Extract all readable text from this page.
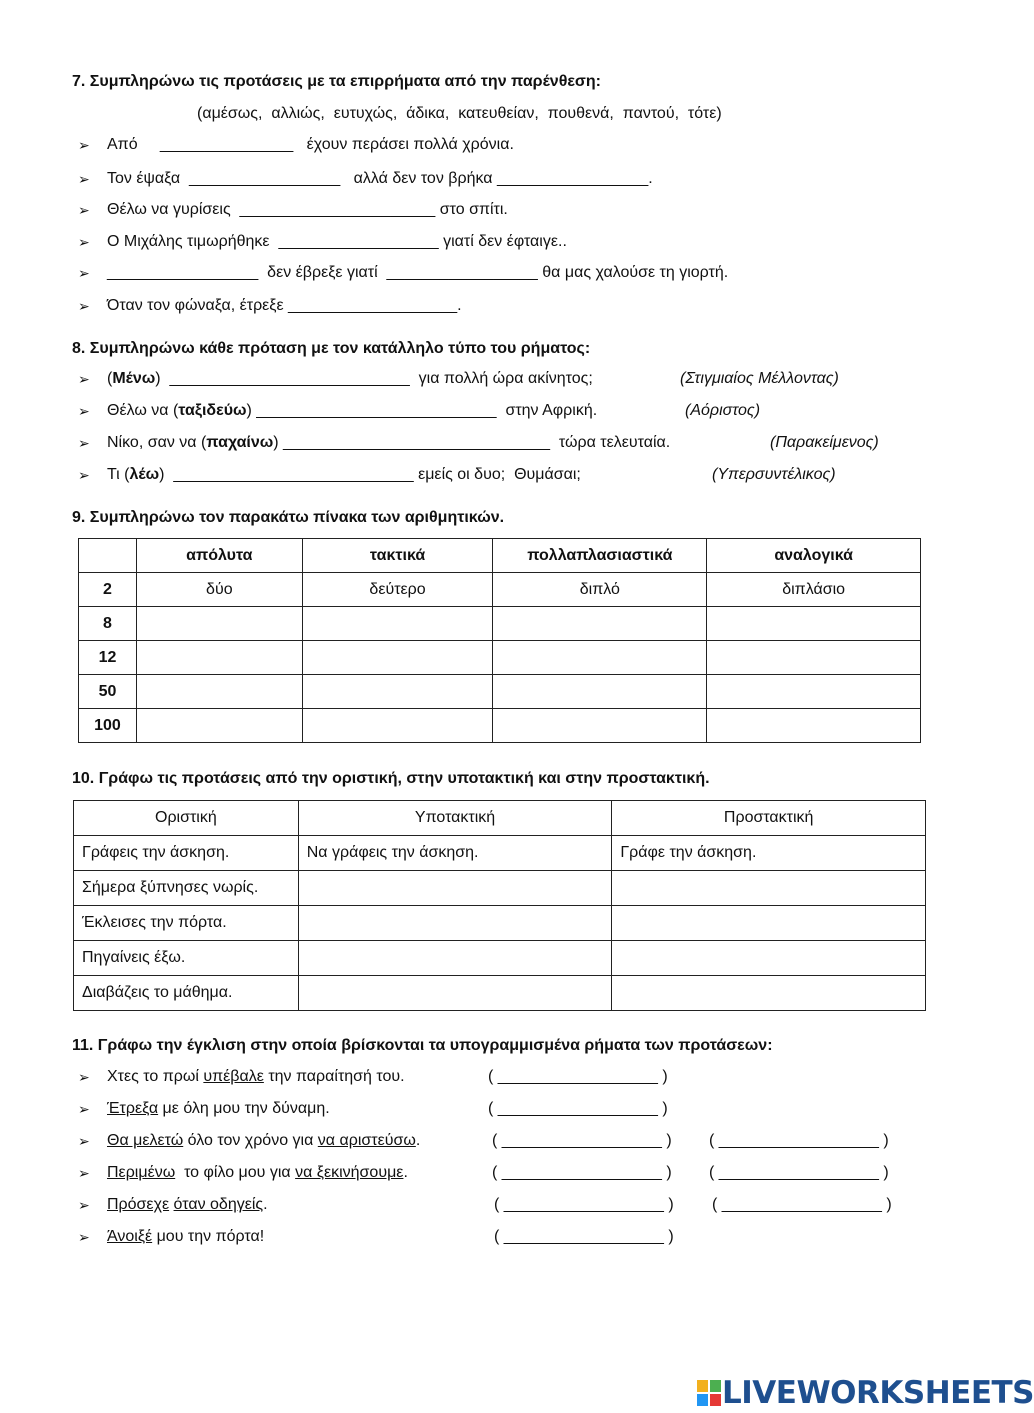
7. Συμπληρώνω τις προτάσεις με τα επιρρήματα από την παρένθεση:
(αμέσως,  αλλιώς,  ευτυχώς,  άδικα,  κατευθείαν,  πουθενά,  παντού,  τότε)
8. Συμπληρώνω κάθε πρόταση με τον κατάλληλο τύπο του ρήματος:
9. Συμπληρώνω τον παρακάτω πίνακα των αριθμητικών.
	απόλυτα	τακτικά	πολλαπλασιαστικά	αναλογικά
2	δύο	δεύτερο	διπλό	διπλάσιο
8				
12				
50				
100				
10. Γράφω τις προτάσεις από την οριστική, στην υποτακτική και στην προστακτική.
Οριστική	Υποτακτική	Προστακτική
Γράφεις την άσκηση.	Να γράφεις την άσκηση.	Γράφε την άσκηση.
Σήμερα ξύπνησες νωρίς.		
Έκλεισες την πόρτα.		
Πηγαίνεις έξω.		
Διαβάζεις το μάθημα.		
11. Γράφω την έγκλιση στην οποία βρίσκονται τα υπογραμμισμένα ρήματα των προτάσεων:
LIVEWORKSHEETS
➢ Από     _______________   έχουν περάσει πολλά χρόνια.
➢ Τον έψαξα  _________________   αλλά δεν τον βρήκα _________________.
➢ Θέλω να γυρίσεις  ______________________ στο σπίτι.
➢ Ο Μιχάλης τιμωρήθηκε  __________________ γιατί δεν έφταιγε..
➢ _________________  δεν έβρεξε γιατί  _________________ θα μας χαλούσε τη γιορτή.
➢ Όταν τον φώναξα, έτρεξε ___________________.
➢ (Μένω)  ___________________________  για πολλή ώρα ακίνητος;	(Στιγμιαίος Μέλλοντας)
➢ Θέλω να (ταξιδεύω) ___________________________  στην Αφρική.	(Αόριστος)
➢ Νίκο, σαν να (παχαίνω) ______________________________  τώρα τελευταία.	(Παρακείμενος)
➢ Τι (λέω)  ___________________________ εμείς οι δυο;  Θυμάσαι;	(Υπερσυντέλικος)
➢ Χτες το πρωί υπέβαλε την παραίτησή του.	( __________________ )
➢ Έτρεξα με όλη μου την δύναμη.	( __________________ )
➢ Θα μελετώ όλο τον χρόνο για να αριστεύσω.	( __________________ ) ( __________________ )
➢ Περιμένω  το φίλο μου για να ξεκινήσουμε.	( __________________ ) ( __________________ )
➢ Πρόσεχε όταν οδηγείς.	( __________________ ) ( __________________ )
➢ Άνοιξέ μου την πόρτα!	( __________________ )
